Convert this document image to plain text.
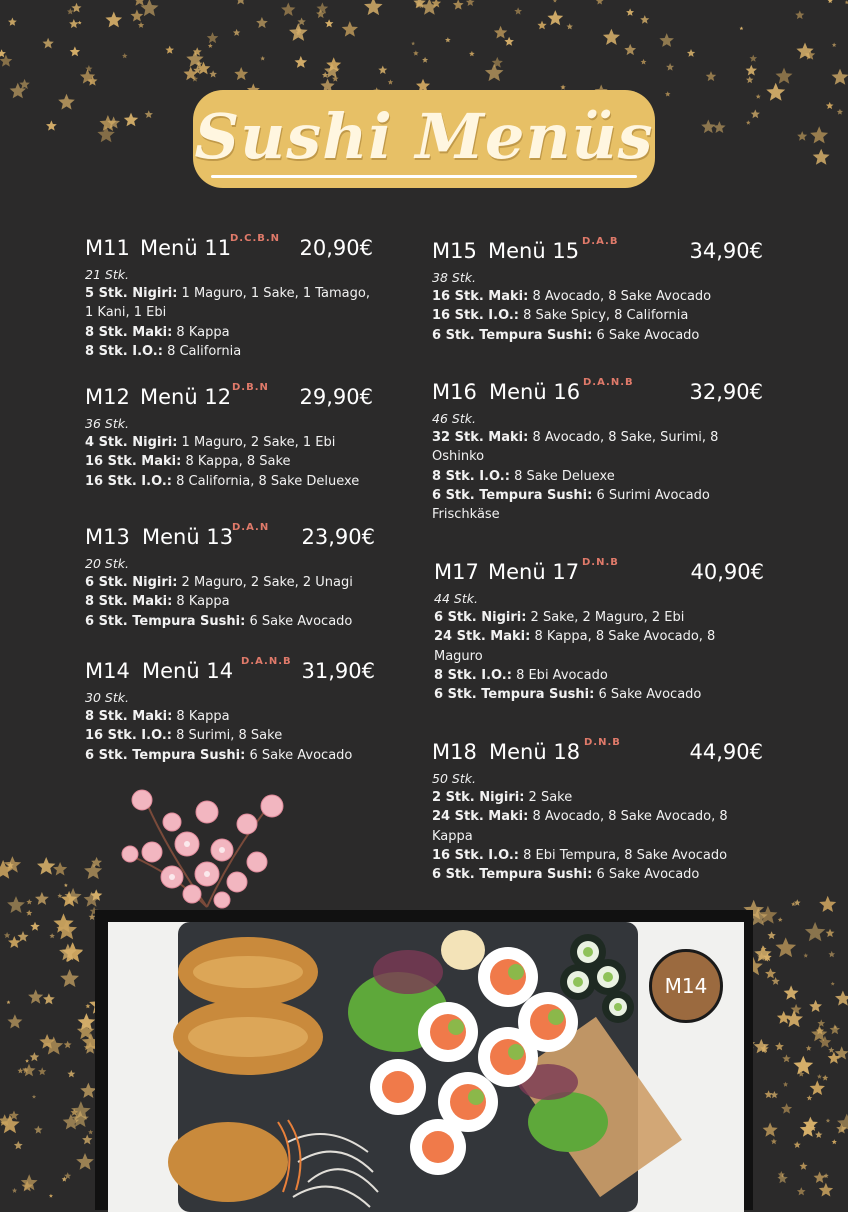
Sushi Menüs
M11 Menü 11
D.C.B.N 20,90€
21 Stk.
5 Stk. Nigiri: 1 Maguro, 1 Sake, 1 Tamago, 1 Kani, 1 Ebi
8 Stk. Maki: 8 Kappa
8 Stk. I.O.: 8 California
M12 Menü 12 D.B.N 29,90€
36 Stk.
4 Stk. Nigiri: 1 Maguro, 2 Sake, 1 Ebi
16 Stk. Maki: 8 Kappa, 8 Sake
16 Stk. I.O.: 8 California, 8 Sake Deluexe
M13 Menü 13
D.A.N 23,90€
20 Stk.
6 Stk. Nigiri: 2 Maguro, 2 Sake, 2 Unagi
8 Stk. Maki: 8 Kappa
6 Stk. Tempura Sushi: 6 Sake Avocado
M14 Menü 14 D.A.N.B 31,90€
30 Stk.
8 Stk. Maki: 8 Kappa
16 Stk. I.O.: 8 Surimi, 8 Sake
6 Stk. Tempura Sushi: 6 Sake Avocado
M15 Menü 15 D.A.B	34,90€
38 Stk.
16 Stk. Maki: 8 Avocado, 8 Sake Avocado
16 Stk. I.O.: 8 Sake Spicy, 8 California
6 Stk. Tempura Sushi: 6 Sake Avocado
M16 Menü 16 D.A.N.B	32,90€
46 Stk.
32 Stk. Maki: 8 Avocado, 8 Sake, Surimi, 8 Oshinko
8 Stk. I.O.: 8 Sake Deluexe
6 Stk. Tempura Sushi: 6 Surimi Avocado Frischkäse
M17 Menü 17 D.N.B	40,90€
44 Stk.
6 Stk. Nigiri: 2 Sake, 2 Maguro, 2 Ebi
24 Stk. Maki: 8 Kappa, 8 Sake Avocado, 8 Maguro
8 Stk. I.O.: 8 Ebi Avocado
6 Stk. Tempura Sushi: 6 Sake Avocado
M18 Menü 18 D.N.B	44,90€
50 Stk.
2 Stk. Nigiri: 2 Sake
24 Stk. Maki: 8 Avocado, 8 Sake Avocado, 8 Kappa
16 Stk. I.O.: 8 Ebi Tempura, 8 Sake Avocado
6 Stk. Tempura Sushi: 6 Sake Avocado
M14
